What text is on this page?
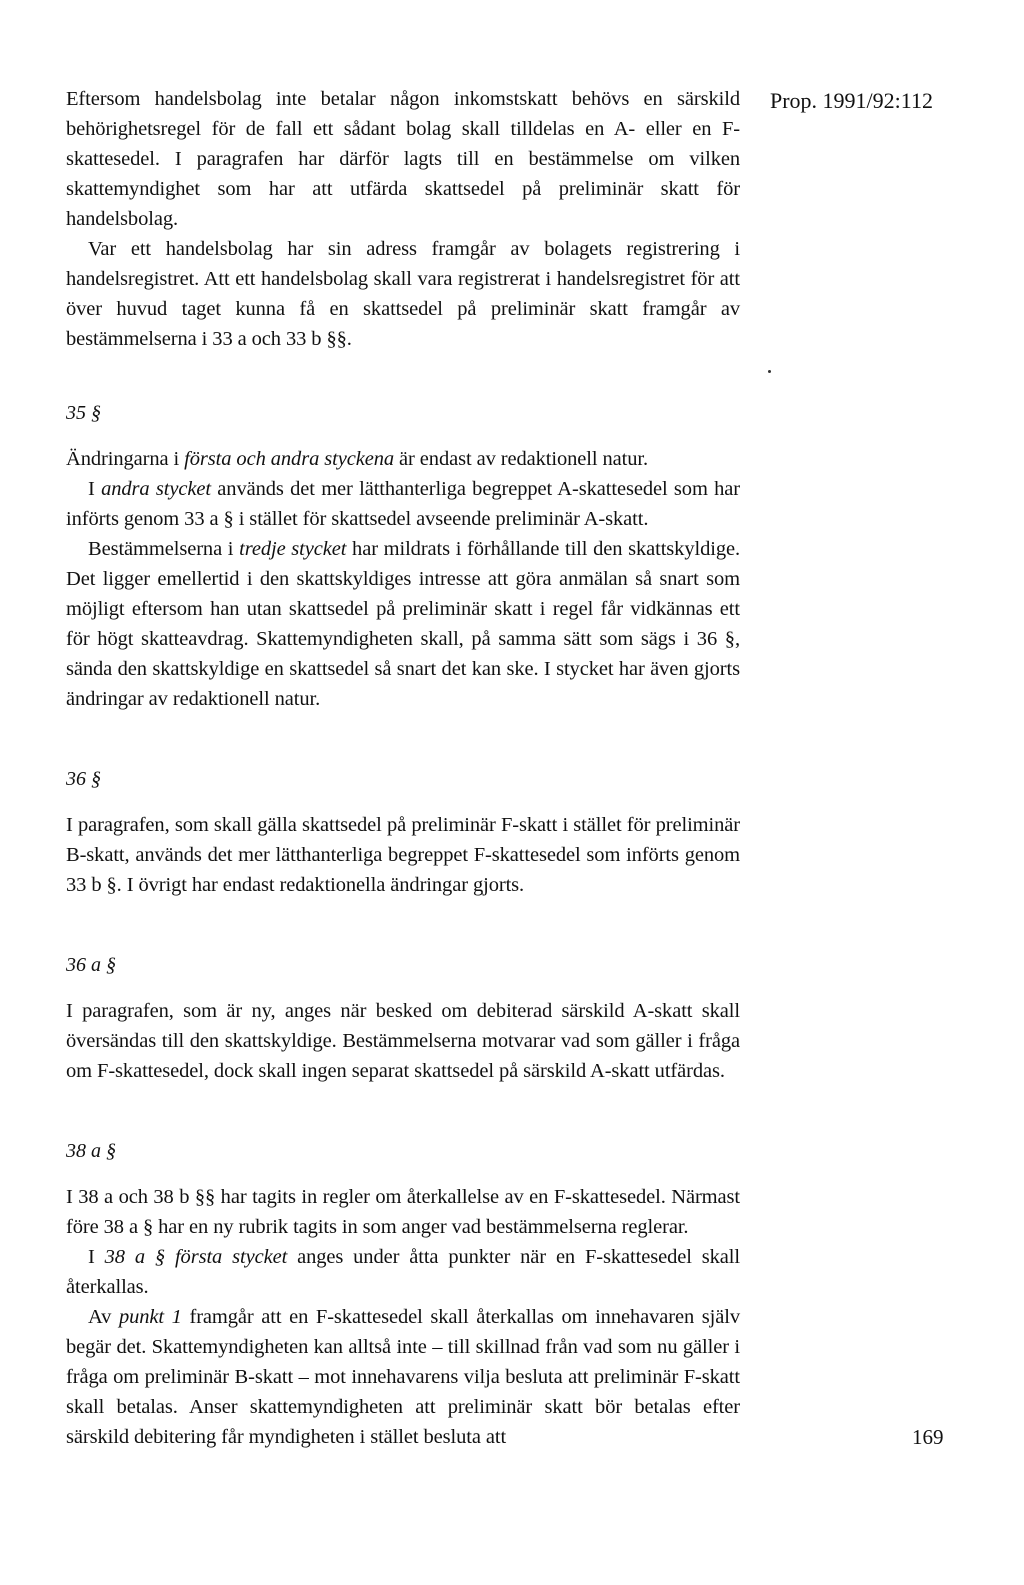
Prop. 1991/92:112

Eftersom handelsbolag inte betalar någon inkomstskatt behövs en särskild behörighetsregel för de fall ett sådant bolag skall tilldelas en A- eller en F-skattesedel. I paragrafen har därför lagts till en bestämmelse om vilken skattemyndighet som har att utfärda skattsedel på preliminär skatt för handelsbolag.

Var ett handelsbolag har sin adress framgår av bolagets registrering i handelsregistret. Att ett handelsbolag skall vara registrerat i handelsregistret för att över huvud taget kunna få en skattsedel på preliminär skatt framgår av bestämmelserna i 33 a och 33 b §§.

35 §

Ändringarna i första och andra styckena är endast av redaktionell natur.

I andra stycket används det mer lätthanterliga begreppet A-skattesedel som har införts genom 33 a § i stället för skattsedel avseende preliminär A-skatt.

Bestämmelserna i tredje stycket har mildrats i förhållande till den skattskyldige. Det ligger emellertid i den skattskyldiges intresse att göra anmälan så snart som möjligt eftersom han utan skattsedel på preliminär skatt i regel får vidkännas ett för högt skatteavdrag. Skattemyndigheten skall, på samma sätt som sägs i 36 §, sända den skattskyldige en skattsedel så snart det kan ske. I stycket har även gjorts ändringar av redaktionell natur.

36 §

I paragrafen, som skall gälla skattsedel på preliminär F-skatt i stället för preliminär B-skatt, används det mer lätthanterliga begreppet F-skattesedel som införts genom 33 b §. I övrigt har endast redaktionella ändringar gjorts.

36 a §

I paragrafen, som är ny, anges när besked om debiterad särskild A-skatt skall översändas till den skattskyldige. Bestämmelserna motvarar vad som gäller i fråga om F-skattesedel, dock skall ingen separat skattsedel på särskild A-skatt utfärdas.

38 a §

I 38 a och 38 b §§ har tagits in regler om återkallelse av en F-skattesedel. Närmast före 38 a § har en ny rubrik tagits in som anger vad bestämmelserna reglerar.

I 38 a § första stycket anges under åtta punkter när en F-skattesedel skall återkallas.

Av punkt 1 framgår att en F-skattesedel skall återkallas om innehavaren själv begär det. Skattemyndigheten kan alltså inte – till skillnad från vad som nu gäller i fråga om preliminär B-skatt – mot innehavarens vilja besluta att preliminär F-skatt skall betalas. Anser skattemyndigheten att preliminär skatt bör betalas efter särskild debitering får myndigheten i stället besluta att	169
